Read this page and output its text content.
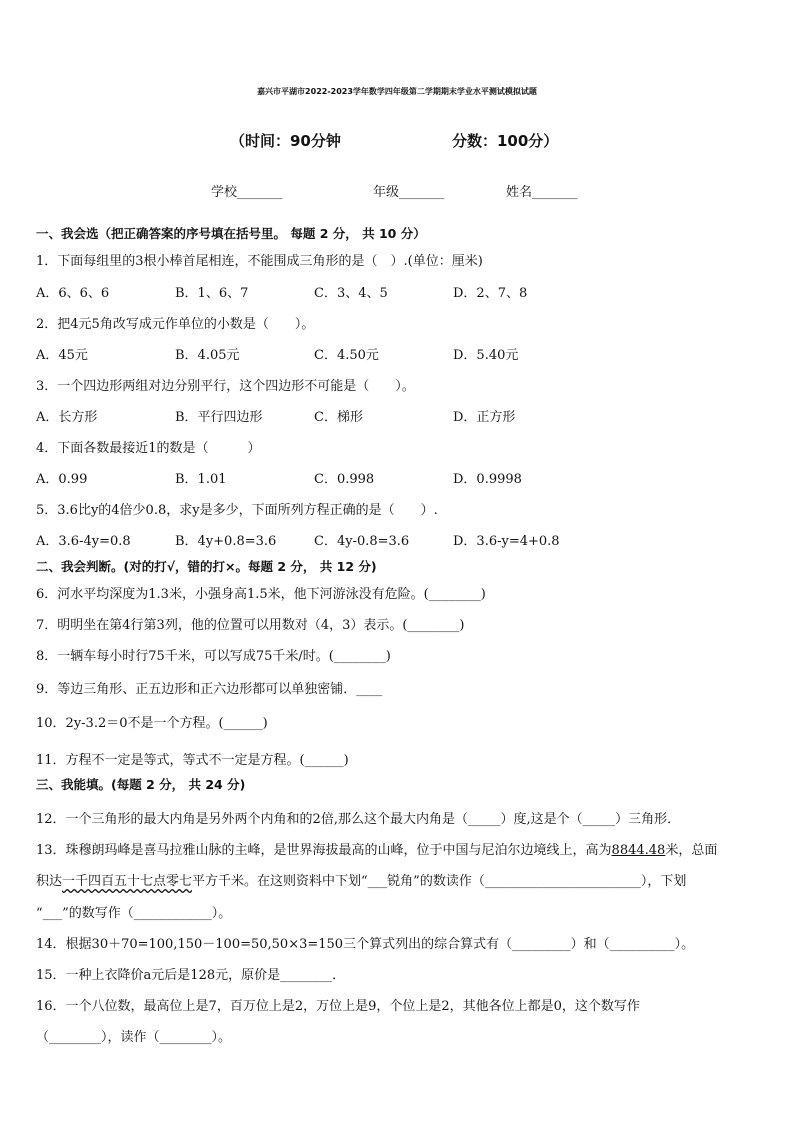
嘉兴市平湖市2022-2023学年数学四年级第二学期期末学业水平测试模拟试题
（时间：90分钟	分数：100分）
学校_______	年级_______	姓名_______
一、我会选（把正确答案的序号填在括号里。 每题 2 分， 共 10 分）
1．下面每组里的3根小棒首尾相连，不能围成三角形的是（　）.(单位：厘米)
A．6、6、6	B．1、6、7	C．3、4、5	D．2、7、8
2．把4元5角改写成元作单位的小数是（　　）。
A．45元	B．4.05元	C．4.50元	D．5.40元
3．一个四边形两组对边分别平行，这个四边形不可能是（　　）。
A．长方形	B．平行四边形	C．梯形	D．正方形
4．下面各数最接近1的数是（　　　）
A．0.99	B．1.01	C．0.998	D．0.9998
5．3.6比y的4倍少0.8，求y是多少，下面所列方程正确的是（　　）.
A．3.6-4y=0.8	B．4y+0.8=3.6	C．4y-0.8=3.6	D．3.6-y=4+0.8
二、我会判断。(对的打√，错的打×。每题 2 分， 共 12 分)
6．河水平均深度为1.3米，小强身高1.5米，他下河游泳没有危险。(________)
7．明明坐在第4行第3列，他的位置可以用数对（4，3）表示。(________)
8．一辆车每小时行75千米，可以写成75千米/时。(________)
9．等边三角形、正五边形和正六边形都可以单独密铺．____
10．2y-3.2＝0不是一个方程。(______)
11．方程不一定是等式，等式不一定是方程。(______)
三、我能填。(每题 2 分， 共 24 分)
12．一个三角形的最大内角是另外两个内角和的2倍,那么这个最大内角是（_____）度,这是个（_____）三角形．
13．珠穆朗玛峰是喜马拉雅山脉的主峰，是世界海拔最高的山峰，位于中国与尼泊尔边境线上，高为8844.48米，总面
积达一千四百五十七点零七平方千米。在这则资料中下划“___锐角”的数读作（________________________），下划
“___”的数写作（____________）。
14．根据30＋70=100,150－100=50,50×3=150三个算式列出的综合算式有（_________）和（__________）。
15．一种上衣降价a元后是128元，原价是________．
16．一个八位数，最高位上是7，百万位上是2，万位上是9，个位上是2，其他各位上都是0，这个数写作
（________），读作（________）。
